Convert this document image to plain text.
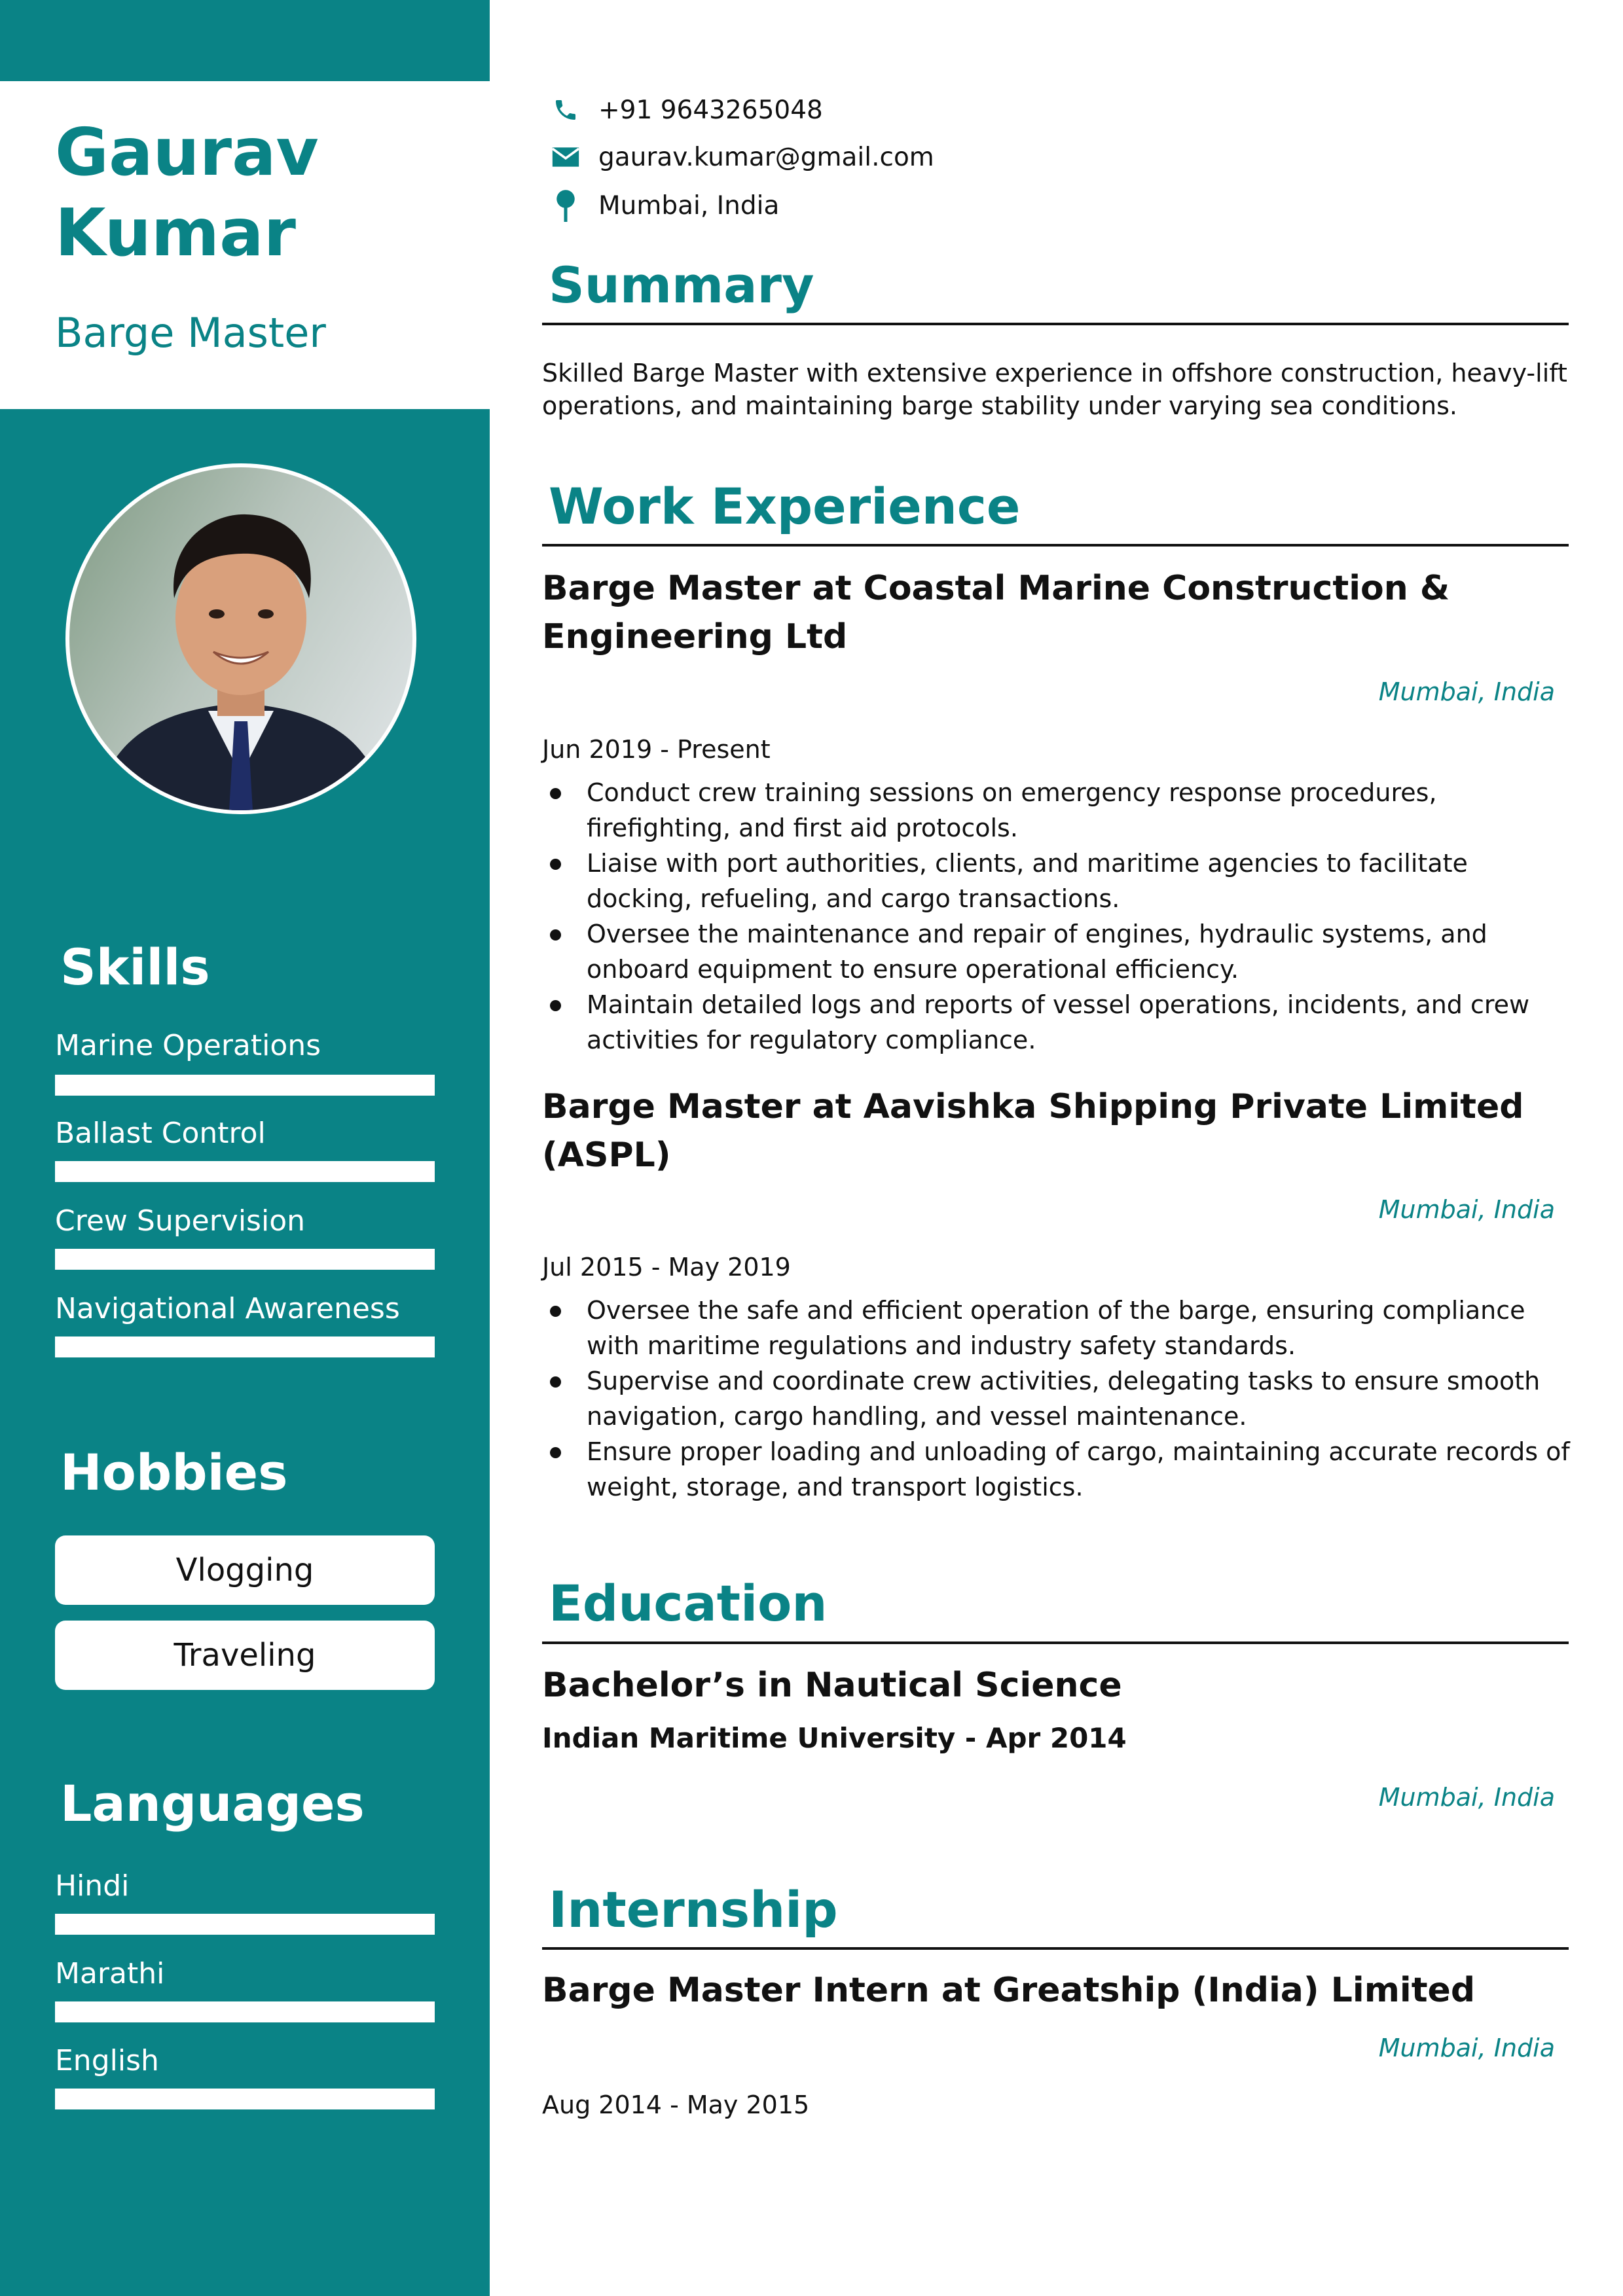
Gaurav
Kumar
Barge Master
Skills
Marine Operations
Ballast Control
Crew Supervision
Navigational Awareness
Hobbies
Vlogging
Traveling
Languages
Hindi
Marathi
English
+91 9643265048
gaurav.kumar@gmail.com
Mumbai, India
Summary

Skilled Barge Master with extensive experience in offshore construction, heavy-lift operations, and maintaining barge stability under varying sea conditions.

Work Experience
Barge Master at Coastal Marine Construction & Engineering Ltd
Mumbai, India
Jun 2019 - Present
Conduct crew training sessions on emergency response procedures, firefighting, and first aid protocols.
Liaise with port authorities, clients, and maritime agencies to facilitate docking, refueling, and cargo transactions.
Oversee the maintenance and repair of engines, hydraulic systems, and onboard equipment to ensure operational efficiency.
Maintain detailed logs and reports of vessel operations, incidents, and crew activities for regulatory compliance.
Barge Master at Aavishka Shipping Private Limited (ASPL)
Mumbai, India
Jul 2015 - May 2019
Oversee the safe and efficient operation of the barge, ensuring compliance with maritime regulations and industry safety standards.
Supervise and coordinate crew activities, delegating tasks to ensure smooth navigation, cargo handling, and vessel maintenance.
Ensure proper loading and unloading of cargo, maintaining accurate records of weight, storage, and transport logistics.
Education
Bachelor’s in Nautical Science
Indian Maritime University - Apr 2014
Mumbai, India
Internship
Barge Master Intern at Greatship (India) Limited
Mumbai, India
Aug 2014 - May 2015
